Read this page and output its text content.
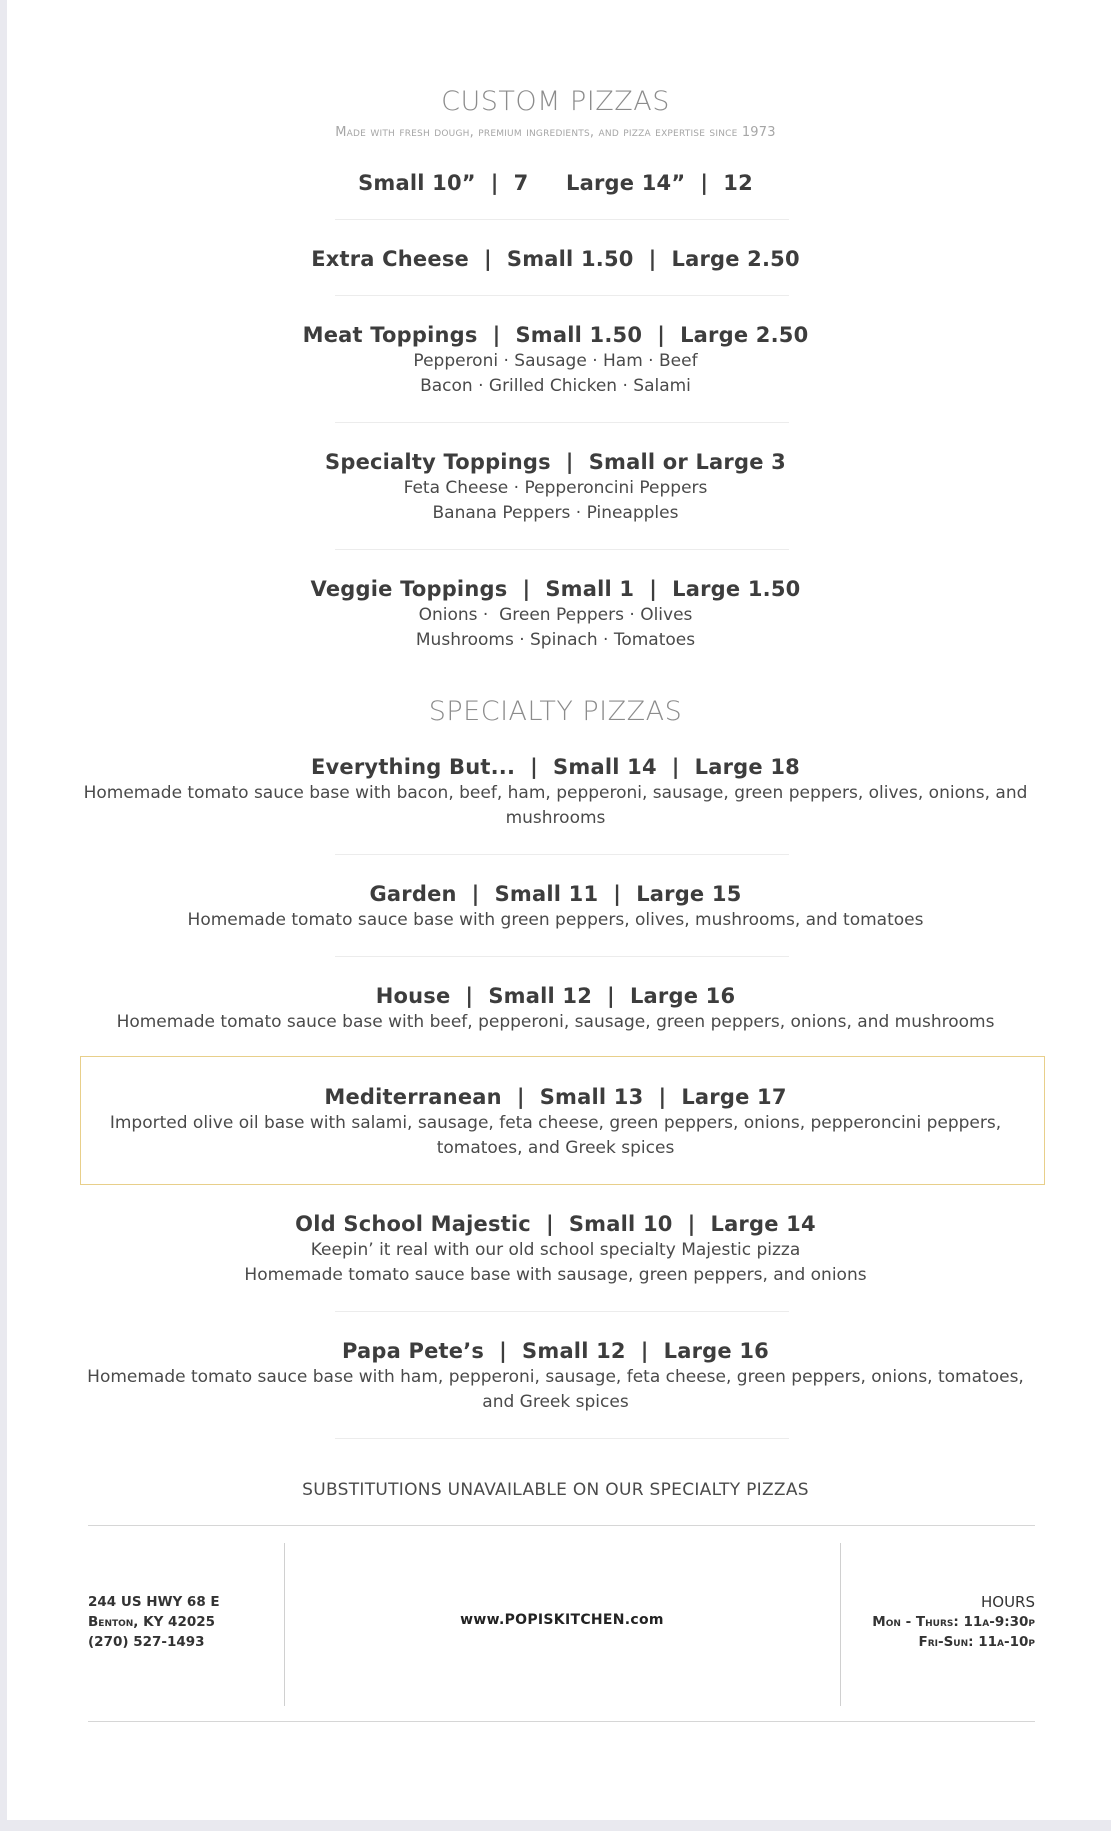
CUSTOM PIZZAS
Made with fresh dough, premium ingredients, and pizza expertise since 1973
Small 10”  |  7     Large 14”  |  12
Extra Cheese  |  Small 1.50  |  Large 2.50
Meat Toppings  |  Small 1.50  |  Large 2.50
Pepperoni · Sausage · Ham · Beef
Bacon · Grilled Chicken · Salami
Specialty Toppings  |  Small or Large 3
Feta Cheese · Pepperoncini Peppers
Banana Peppers · Pineapples
Veggie Toppings  |  Small 1  |  Large 1.50
Onions ·  Green Peppers · Olives
Mushrooms · Spinach · Tomatoes
SPECIALTY PIZZAS
Everything But...  |  Small 14  |  Large 18
Homemade tomato sauce base with bacon, beef, ham, pepperoni, sausage, green peppers, olives, onions, and mushrooms
Garden  |  Small 11  |  Large 15
Homemade tomato sauce base with green peppers, olives, mushrooms, and tomatoes
House  |  Small 12  |  Large 16
Homemade tomato sauce base with beef, pepperoni, sausage, green peppers, onions, and mushrooms
Mediterranean  |  Small 13  |  Large 17
Imported olive oil base with salami, sausage, feta cheese, green peppers, onions, pepperoncini peppers, tomatoes, and Greek spices
Old School Majestic  |  Small 10  |  Large 14
Keepin’ it real with our old school specialty Majestic pizza
Homemade tomato sauce base with sausage, green peppers, and onions
Papa Pete’s  |  Small 12  |  Large 16
Homemade tomato sauce base with ham, pepperoni, sausage, feta cheese, green peppers, onions, tomatoes, and Greek spices
SUBSTITUTIONS UNAVAILABLE ON OUR SPECIALTY PIZZAS
244 US HWY 68 E
Benton, KY 42025
(270) 527-1493
www.POPISKITCHEN.com
HOURS
Mon - Thurs: 11a-9:30p
Fri-Sun: 11a-10p
